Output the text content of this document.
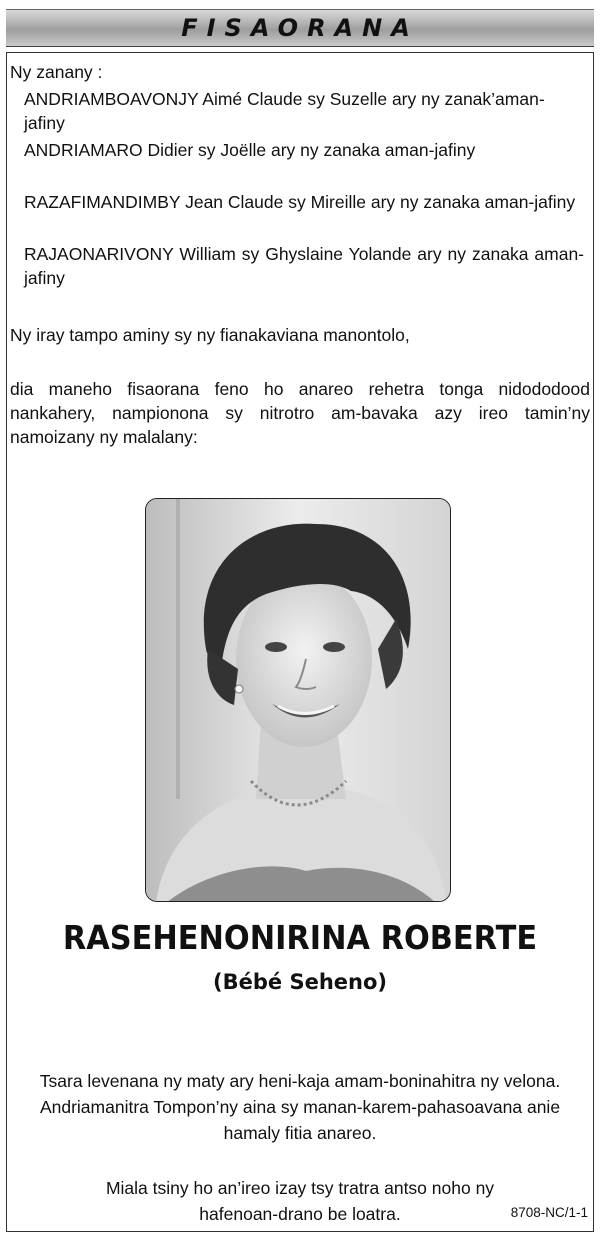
FISAORANA
Ny zanany :
ANDRIAMBOAVONJY Aimé Claude sy Suzelle ary ny zanak’aman-jafiny
ANDRIAMARO Didier sy Joëlle ary ny zanaka aman-jafiny
RAZAFIMANDIMBY Jean Claude sy Mireille ary ny zanaka aman-jafiny
RAJAONARIVONY William sy Ghyslaine Yolande ary ny zanaka aman-jafiny
Ny iray tampo aminy sy ny fianakaviana manontolo,
dia maneho fisaorana feno ho anareo rehetra tonga nidododood nankahery, nampionona sy nitrotro am-bavaka azy ireo tamin’ny namoizany ny malalany:
RASEHENONIRINA ROBERTE
(Bébé Seheno)
Tsara levenana ny maty ary heni-kaja amam-boninahitra ny velona. Andriamanitra Tompon’ny aina sy manan-karem-pahasoavana anie hamaly fitia anareo.
Miala tsiny ho an’ireo izay tsy tratra antso noho ny hafenoan-drano be loatra.	8708-NC/1-1
